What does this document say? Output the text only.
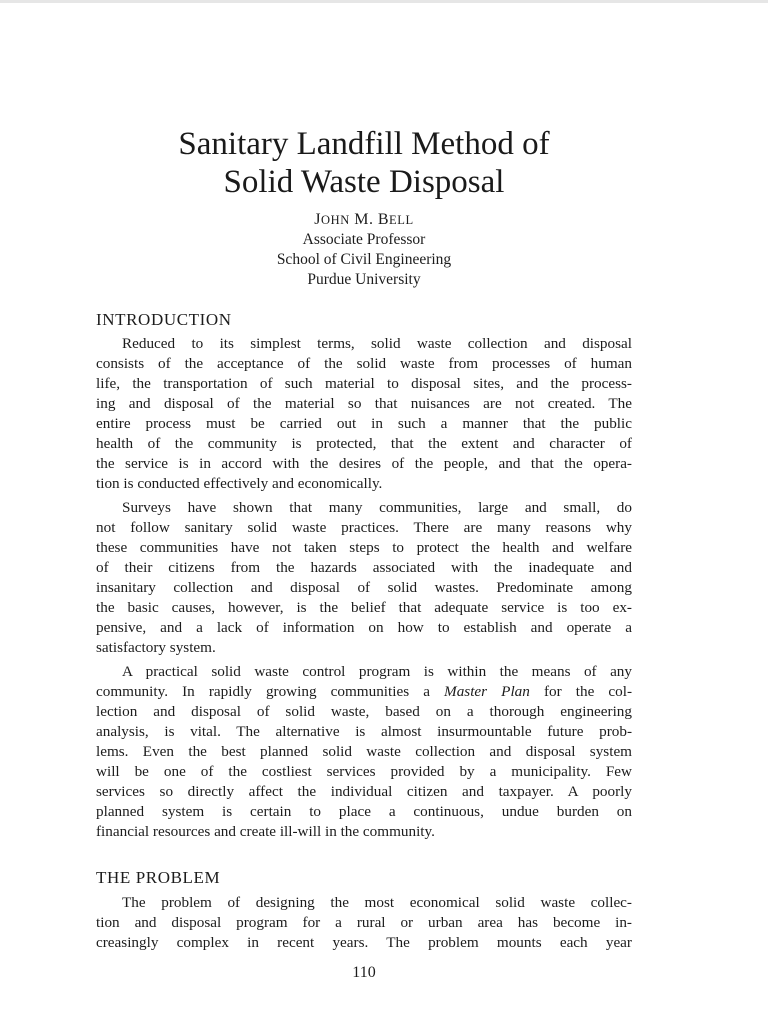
Sanitary Landfill Method of
Solid Waste Disposal
JOHN M. BELL
Associate Professor
School of Civil Engineering
Purdue University
INTRODUCTION
Reduced to its simplest terms, solid waste collection and disposal
consists of the acceptance of the solid waste from processes of human
life, the transportation of such material to disposal sites, and the process-
ing and disposal of the material so that nuisances are not created. The
entire process must be carried out in such a manner that the public
health of the community is protected, that the extent and character of
the service is in accord with the desires of the people, and that the opera-
tion is conducted effectively and economically.
Surveys have shown that many communities, large and small, do
not follow sanitary solid waste practices. There are many reasons why
these communities have not taken steps to protect the health and welfare
of their citizens from the hazards associated with the inadequate and
insanitary collection and disposal of solid wastes. Predominate among
the basic causes, however, is the belief that adequate service is too ex-
pensive, and a lack of information on how to establish and operate a
satisfactory system.
A practical solid waste control program is within the means of any
community. In rapidly growing communities a Master Plan for the col-
lection and disposal of solid waste, based on a thorough engineering
analysis, is vital. The alternative is almost insurmountable future prob-
lems. Even the best planned solid waste collection and disposal system
will be one of the costliest services provided by a municipality. Few
services so directly affect the individual citizen and taxpayer. A poorly
planned system is certain to place a continuous, undue burden on
financial resources and create ill-will in the community.
THE PROBLEM
The problem of designing the most economical solid waste collec-
tion and disposal program for a rural or urban area has become in-
creasingly complex in recent years. The problem mounts each year
110
